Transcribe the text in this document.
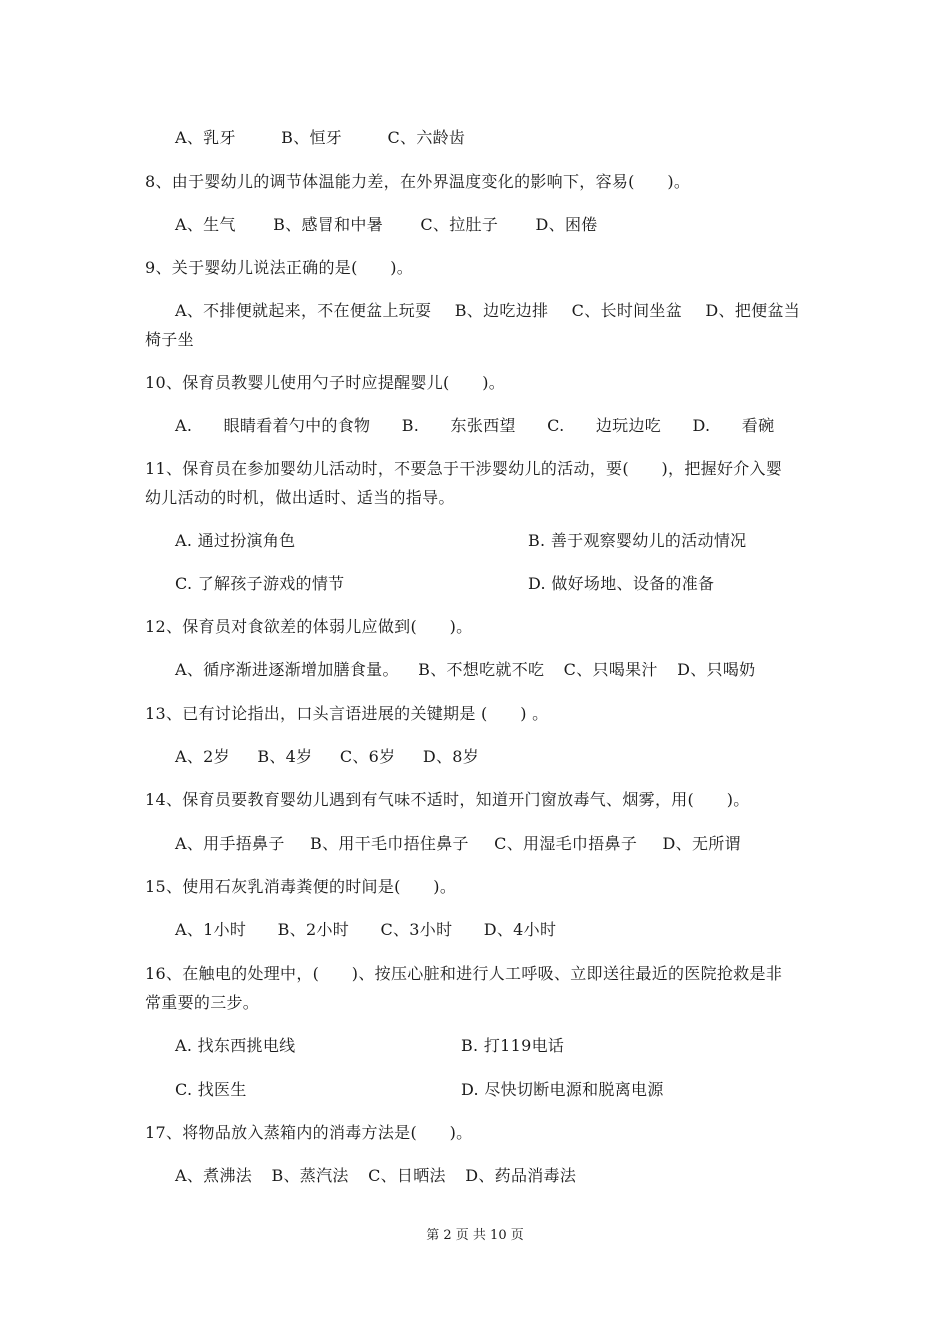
A、乳牙 B、恒牙 C、六龄齿
8、由于婴幼儿的调节体温能力差，在外界温度变化的影响下，容易(　　)。
A、生气 B、感冒和中暑 C、拉肚子 D、困倦
9、关于婴幼儿说法正确的是(　　)。
A、不排便就起来，不在便盆上玩耍 B、边吃边排 C、长时间坐盆 D、把便盆当
椅子坐
10、保育员教婴儿使用勺子时应提醒婴儿(　　)。
A. 眼睛看着勺中的食物 B. 东张西望 C. 边玩边吃 D. 看碗
11、保育员在参加婴幼儿活动时，不要急于干涉婴幼儿的活动，要(　　)，把握好介入婴
幼儿活动的时机，做出适时、适当的指导。
A. 通过扮演角色	B. 善于观察婴幼儿的活动情况
C. 了解孩子游戏的情节	D. 做好场地、设备的准备
12、保育员对食欲差的体弱儿应做到(　　)。
A、循序渐进逐渐增加膳食量。 B、不想吃就不吃 C、只喝果汁 D、只喝奶
13、已有讨论指出，口头言语进展的关键期是 (　　) 。
A、2岁 B、4岁 C、6岁 D、8岁
14、保育员要教育婴幼儿遇到有气味不适时，知道开门窗放毒气、烟雾，用(　　)。
A、用手捂鼻子 B、用干毛巾捂住鼻子 C、用湿毛巾捂鼻子 D、无所谓
15、使用石灰乳消毒粪便的时间是(　　)。
A、1小时 B、2小时 C、3小时 D、4小时
16、在触电的处理中，(　　)、按压心脏和进行人工呼吸、立即送往最近的医院抢救是非
常重要的三步。
A. 找东西挑电线	B. 打119电话
C. 找医生	D. 尽快切断电源和脱离电源
17、将物品放入蒸箱内的消毒方法是(　　)。
A、煮沸法 B、蒸汽法 C、日晒法 D、药品消毒法
第 2 页 共 10 页
